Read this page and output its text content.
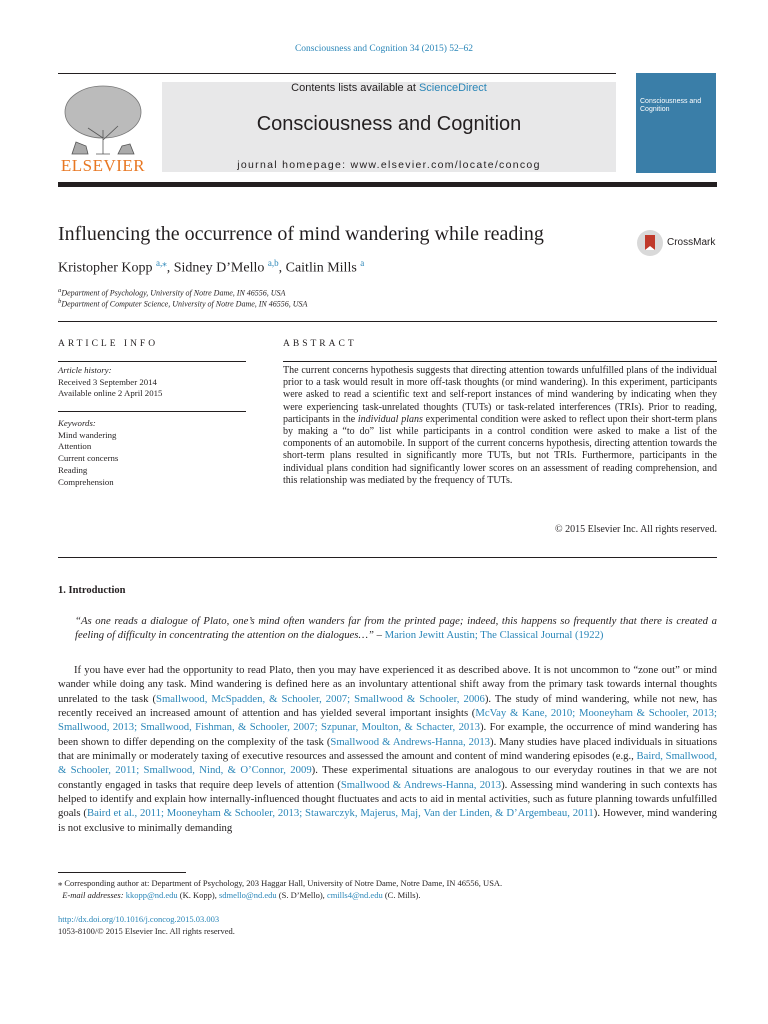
Consciousness and Cognition 34 (2015) 52–62
ELSEVIER
Contents lists available at ScienceDirect
Consciousness and Cognition
journal homepage: www.elsevier.com/locate/concog
Consciousness and Cognition
Influencing the occurrence of mind wandering while reading	CrossMark
Kristopher Kopp $^{a,⁎}$, Sidney D’Mello $^{a,b}$, Caitlin Mills $^a$
$^a$Department of Psychology, University of Notre Dame, IN 46556, USA
$^b$Department of Computer Science, University of Notre Dame, IN 46556, USA
ARTICLE INFO
Article history:
Received 3 September 2014
Available online 2 April 2015
Keywords:
Mind wandering
Attention
Current concerns
Reading
Comprehension
ABSTRACT
The current concerns hypothesis suggests that directing attention towards unfulfilled plans of the individual prior to a task would result in more off-task thoughts (or mind wandering). In this experiment, participants were asked to read a scientific text and self-report instances of mind wandering by indicating when they were experiencing task-unrelated thoughts (TUTs) or task-related interferences (TRIs). Prior to reading, participants in the individual plans experimental condition were asked to reflect upon their short-term plans by making a “to do” list while participants in a control condition were asked to make a list of the components of an automobile. In support of the current concerns hypothesis, directing attention towards the short-term plans resulted in significantly more TUTs, but not TRIs. Furthermore, participants in the individual plans condition had significantly lower scores on an assessment of reading comprehension, and this relationship was mediated by the frequency of TUTs.
© 2015 Elsevier Inc. All rights reserved.
1. Introduction
“As one reads a dialogue of Plato, one’s mind often wanders far from the printed page; indeed, this happens so frequently that there is created a feeling of difficulty in concentrating the attention on the dialogues…” – Marion Jewitt Austin; The Classical Journal (1922)
If you have ever had the opportunity to read Plato, then you may have experienced it as described above. It is not uncommon to “zone out” or mind wander while doing any task. Mind wandering is defined here as an involuntary attentional shift away from the primary task towards internal thoughts unrelated to the task (Smallwood, McSpadden, & Schooler, 2007; Smallwood & Schooler, 2006). The study of mind wandering, while not new, has recently received an increased amount of attention and has yielded several important insights (McVay & Kane, 2010; Mooneyham & Schooler, 2013; Smallwood, 2013; Smallwood, Fishman, & Schooler, 2007; Szpunar, Moulton, & Schacter, 2013). For example, the occurrence of mind wandering has been shown to differ depending on the complexity of the task (Smallwood & Andrews-Hanna, 2013). Many studies have placed individuals in situations that are minimally or moderately taxing of executive resources and assessed the amount and content of mind wandering episodes (e.g., Baird, Smallwood, & Schooler, 2011; Smallwood, Nind, & O’Connor, 2009). These experimental situations are analogous to our everyday routines in that we are not constantly engaged in tasks that require deep levels of attention (Smallwood & Andrews-Hanna, 2013). Assessing mind wandering in such contexts has helped to identify and explain how internally-influenced thought fluctuates and acts to aid in mental activities, such as future planning towards unfulfilled goals (Baird et al., 2011; Mooneyham & Schooler, 2013; Stawarczyk, Majerus, Maj, Van der Linden, & D’Argembeau, 2011). However, mind wandering is not exclusive to minimally demanding
⁎ Corresponding author at: Department of Psychology, 203 Haggar Hall, University of Notre Dame, Notre Dame, IN 46556, USA.
E-mail addresses: kkopp@nd.edu (K. Kopp), sdmello@nd.edu (S. D’Mello), cmills4@nd.edu (C. Mills).
http://dx.doi.org/10.1016/j.concog.2015.03.003
1053-8100/© 2015 Elsevier Inc. All rights reserved.
